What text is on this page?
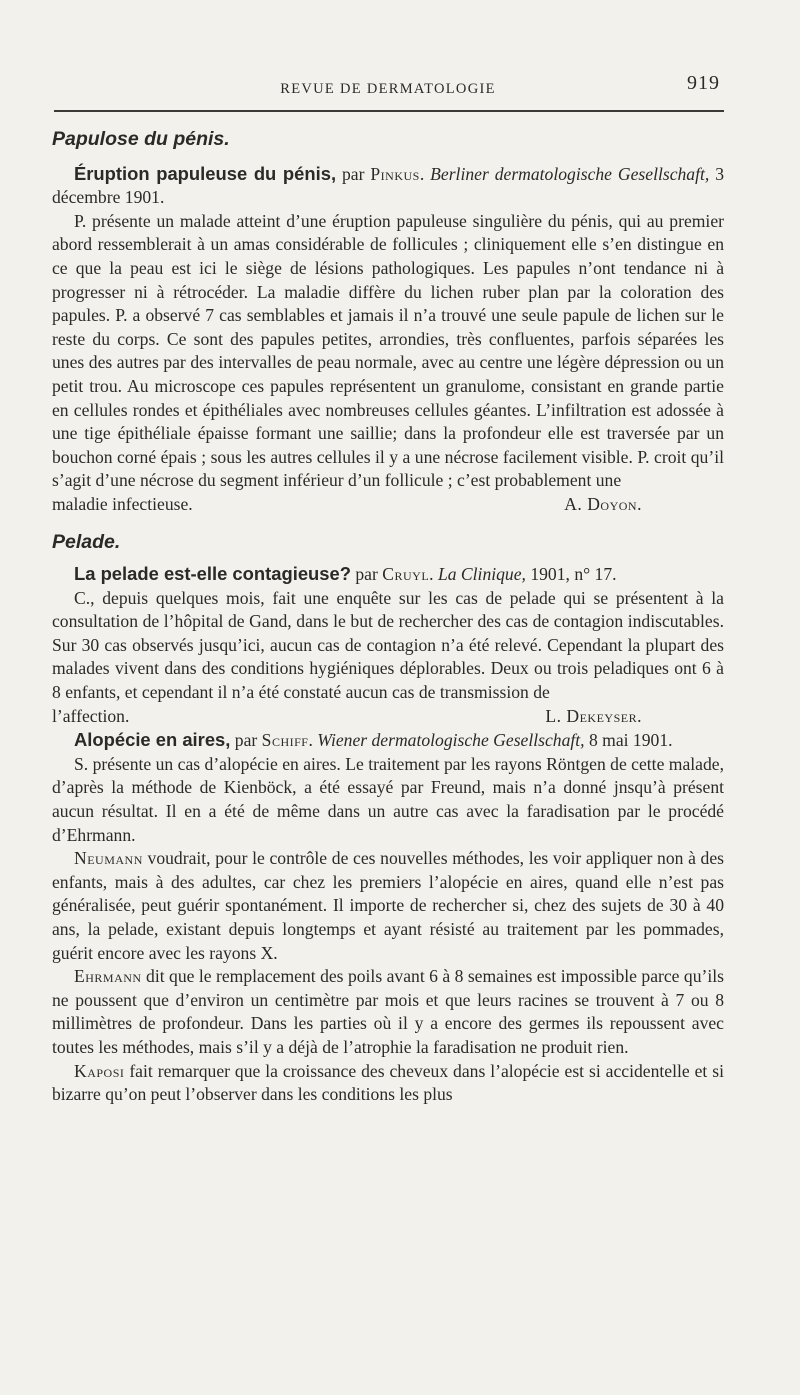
REVUE DE DERMATOLOGIE	919
Papulose du pénis.

Éruption papuleuse du pénis, par Pinkus. Berliner dermatologische Gesellschaft, 3 décembre 1901.

P. présente un malade atteint d’une éruption papuleuse singulière du pénis, qui au premier abord ressemblerait à un amas considérable de follicules ; cliniquement elle s’en distingue en ce que la peau est ici le siège de lésions pathologiques. Les papules n’ont tendance ni à progresser ni à rétrocéder. La maladie diffère du lichen ruber plan par la coloration des papules. P. a observé 7 cas semblables et jamais il n’a trouvé une seule papule de lichen sur le reste du corps. Ce sont des papules petites, arrondies, très confluentes, parfois séparées les unes des autres par des intervalles de peau normale, avec au centre une légère dépression ou un petit trou. Au microscope ces papules représentent un granulome, consistant en grande partie en cellules rondes et épithéliales avec nombreuses cellules géantes. L’infiltration est adossée à une tige épithéliale épaisse formant une saillie; dans la profondeur elle est traversée par un bouchon corné épais ; sous les autres cellules il y a une nécrose facilement visible. P. croit qu’il s’agit d’une nécrose du segment inférieur d’un follicule ; c’est probablement une

maladie infectieuse.	A. Doyon.
Pelade.

La pelade est-elle contagieuse? par Cruyl. La Clinique, 1901, n° 17.

C., depuis quelques mois, fait une enquête sur les cas de pelade qui se présentent à la consultation de l’hôpital de Gand, dans le but de rechercher des cas de contagion indiscutables. Sur 30 cas observés jusqu’ici, aucun cas de contagion n’a été relevé. Cependant la plupart des malades vivent dans des conditions hygiéniques déplorables. Deux ou trois peladiques ont 6 à 8 enfants, et cependant il n’a été constaté aucun cas de transmission de

l’affection.	L. Dekeyser.

Alopécie en aires, par Schiff. Wiener dermatologische Gesellschaft, 8 mai 1901.

S. présente un cas d’alopécie en aires. Le traitement par les rayons Röntgen de cette malade, d’après la méthode de Kienböck, a été essayé par Freund, mais n’a donné jnsqu’à présent aucun résultat. Il en a été de même dans un autre cas avec la faradisation par le procédé d’Ehrmann.

Neumann voudrait, pour le contrôle de ces nouvelles méthodes, les voir appliquer non à des enfants, mais à des adultes, car chez les premiers l’alopécie en aires, quand elle n’est pas généralisée, peut guérir spontanément. Il importe de rechercher si, chez des sujets de 30 à 40 ans, la pelade, existant depuis longtemps et ayant résisté au traitement par les pommades, guérit encore avec les rayons X.

Ehrmann dit que le remplacement des poils avant 6 à 8 semaines est impossible parce qu’ils ne poussent que d’environ un centimètre par mois et que leurs racines se trouvent à 7 ou 8 millimètres de profondeur. Dans les parties où il y a encore des germes ils repoussent avec toutes les méthodes, mais s’il y a déjà de l’atrophie la faradisation ne produit rien.

Kaposi fait remarquer que la croissance des cheveux dans l’alopécie est si accidentelle et si bizarre qu’on peut l’observer dans les conditions les plus
